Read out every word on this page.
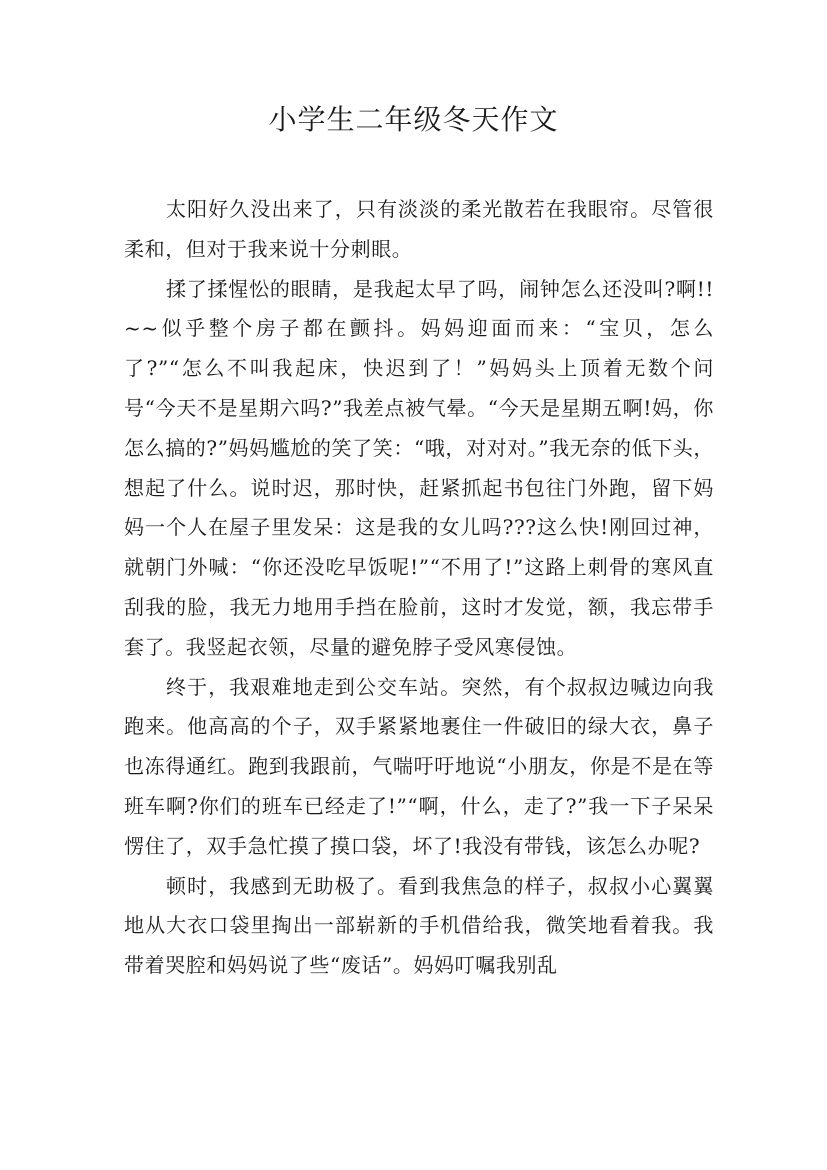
小学生二年级冬天作文

太阳好久没出来了，只有淡淡的柔光散若在我眼帘。尽管很柔和，但对于我来说十分刺眼。

揉了揉惺忪的眼睛，是我起太早了吗，闹钟怎么还没叫?啊!!~~似乎整个房子都在颤抖。妈妈迎面而来：“宝贝，怎么了?”“怎么不叫我起床，快迟到了！”妈妈头上顶着无数个问号“今天不是星期六吗?”我差点被气晕。“今天是星期五啊!妈，你怎么搞的?”妈妈尴尬的笑了笑：“哦，对对对。”我无奈的低下头，想起了什么。说时迟，那时快，赶紧抓起书包往门外跑，留下妈妈一个人在屋子里发呆：这是我的女儿吗???这么快!刚回过神，就朝门外喊：“你还没吃早饭呢!”“不用了!”这路上刺骨的寒风直刮我的脸，我无力地用手挡在脸前，这时才发觉，额，我忘带手套了。我竖起衣领，尽量的避免脖子受风寒侵蚀。

终于，我艰难地走到公交车站。突然，有个叔叔边喊边向我跑来。他高高的个子，双手紧紧地裹住一件破旧的绿大衣，鼻子也冻得通红。跑到我跟前，气喘吁吁地说“小朋友，你是不是在等班车啊?你们的班车已经走了!”“啊，什么，走了?”我一下子呆呆愣住了，双手急忙摸了摸口袋，坏了!我没有带钱，该怎么办呢?

顿时，我感到无助极了。看到我焦急的样子，叔叔小心翼翼地从大衣口袋里掏出一部崭新的手机借给我，微笑地看着我。我带着哭腔和妈妈说了些“废话”。妈妈叮嘱我别乱
